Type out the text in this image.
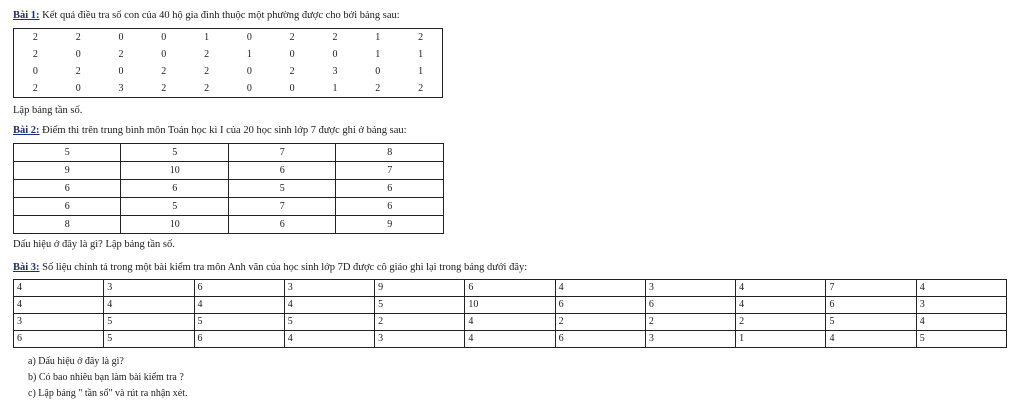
Bài 1: Kết quả điều tra số con của 40 hộ gia đình thuộc một phường được cho bởi bảng sau:
2	2	0	0	1	0	2	2	1	2
2	0	2	0	2	1	0	0	1	1
0	2	0	2	2	0	2	3	0	1
2	0	3	2	2	0	0	1	2	2
Lập bảng tần số.
Bài 2: Điểm thi trên trung bình môn Toán học kì I của 20 học sinh lớp 7 được ghi ở bảng sau:
5	5	7	8
9	10	6	7
6	6	5	6
6	5	7	6
8	10	6	9
Dấu hiệu ở đây là gì? Lập bảng tần số.
Bài 3: Số liệu chính tả trong một bài kiểm tra môn Anh văn của học sinh lớp 7D được cô giáo ghi lại trong bảng dưới đây:
4	3	6	3	9	6	4	3	4	7	4
4	4	4	4	5	10	6	6	4	6	3
3	5	5	5	2	4	2	2	2	5	4
6	5	6	4	3	4	6	3	1	4	5
a) Dấu hiệu ở đây là gì?
b) Có bao nhiêu bạn làm bài kiểm tra ?
c) Lập bảng " tần số" và rút ra nhận xét.
